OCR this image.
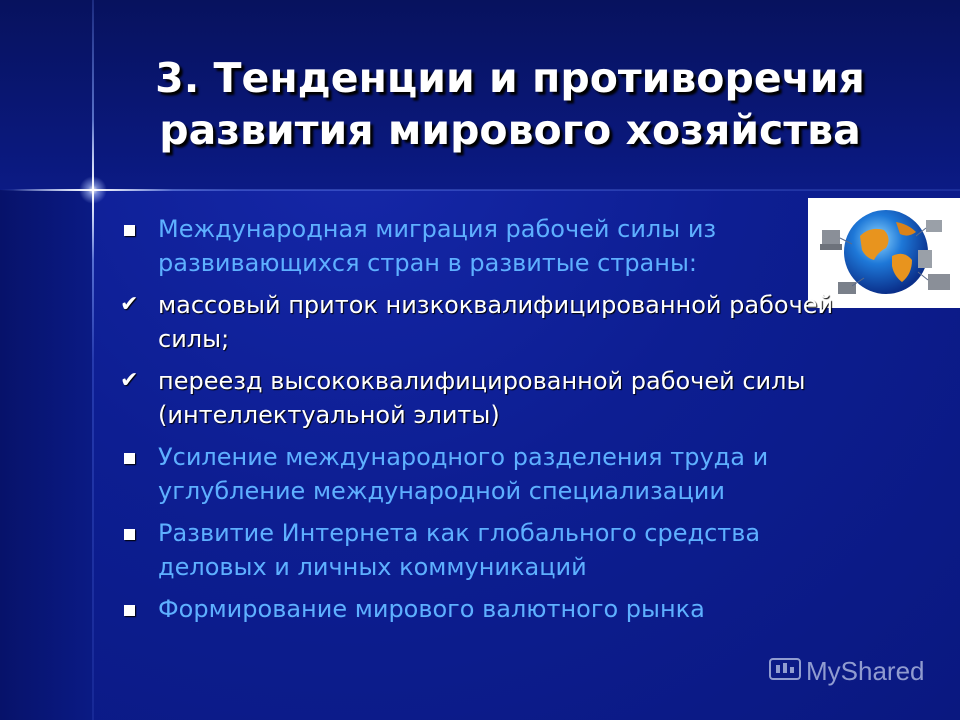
3. Тенденции и противоречия
развития мирового хозяйства
Международная миграция рабочей силы из
развивающихся стран в развитые страны:
✔ массовый приток низкоквалифицированной рабочей
силы;
✔ переезд высококвалифицированной рабочей силы
(интеллектуальной элиты)
Усиление международного разделения труда и
углубление международной специализации
Развитие Интернета как глобального средства
деловых и личных коммуникаций
Формирование мирового валютного рынка
MyShared
